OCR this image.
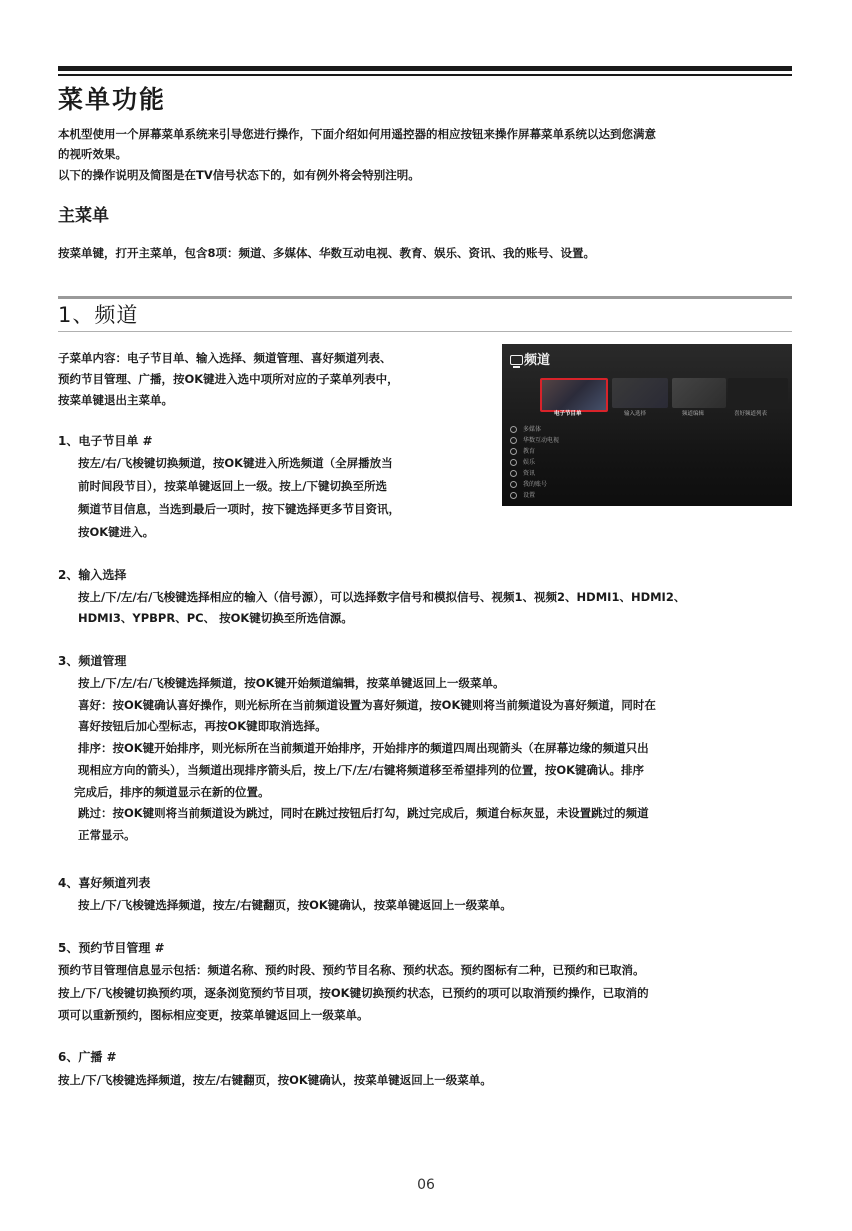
菜单功能

本机型使用一个屏幕菜单系统来引导您进行操作，下面介绍如何用遥控器的相应按钮来操作屏幕菜单系统以达到您满意

的视听效果。

以下的操作说明及简图是在TV信号状态下的，如有例外将会特别注明。

主菜单

按菜单键，打开主菜单，包含8项：频道、多媒体、华数互动电视、教育、娱乐、资讯、我的账号、设置。

1、频道

子菜单内容：电子节目单、输入选择、频道管理、喜好频道列表、

预约节目管理、广播，按OK键进入选中项所对应的子菜单列表中，

按菜单键退出主菜单。

频道
电子节目单	输入选择	频道编辑	喜好频道列表
多媒体
华数互动电视
教育
娱乐
资讯
我的账号
设置

1、电子节目单 #

按左/右/飞梭键切换频道，按OK键进入所选频道（全屏播放当

前时间段节目），按菜单键返回上一级。按上/下键切换至所选

频道节目信息，当选到最后一项时，按下键选择更多节目资讯，

按OK键进入。

2、输入选择

按上/下/左/右/飞梭键选择相应的输入（信号源），可以选择数字信号和模拟信号、视频1、视频2、HDMI1、HDMI2、

HDMI3、YPBPR、PC、 按OK键切换至所选信源。

3、频道管理

按上/下/左/右/飞梭键选择频道，按OK键开始频道编辑，按菜单键返回上一级菜单。

喜好：按OK键确认喜好操作，则光标所在当前频道设置为喜好频道，按OK键则将当前频道设为喜好频道，同时在

喜好按钮后加心型标志，再按OK键即取消选择。

排序：按OK键开始排序，则光标所在当前频道开始排序，开始排序的频道四周出现箭头（在屏幕边缘的频道只出

现相应方向的箭头），当频道出现排序箭头后，按上/下/左/右键将频道移至希望排列的位置，按OK键确认。排序

完成后，排序的频道显示在新的位置。

跳过：按OK键则将当前频道设为跳过，同时在跳过按钮后打勾，跳过完成后，频道台标灰显，未设置跳过的频道

正常显示。

4、喜好频道列表

按上/下/飞梭键选择频道，按左/右键翻页，按OK键确认，按菜单键返回上一级菜单。

5、预约节目管理 #

预约节目管理信息显示包括：频道名称、预约时段、预约节目名称、预约状态。预约图标有二种，已预约和已取消。

按上/下/飞梭键切换预约项，逐条浏览预约节目项，按OK键切换预约状态，已预约的项可以取消预约操作，已取消的

项可以重新预约，图标相应变更，按菜单键返回上一级菜单。

6、广播 #

按上/下/飞梭键选择频道，按左/右键翻页，按OK键确认，按菜单键返回上一级菜单。

06
